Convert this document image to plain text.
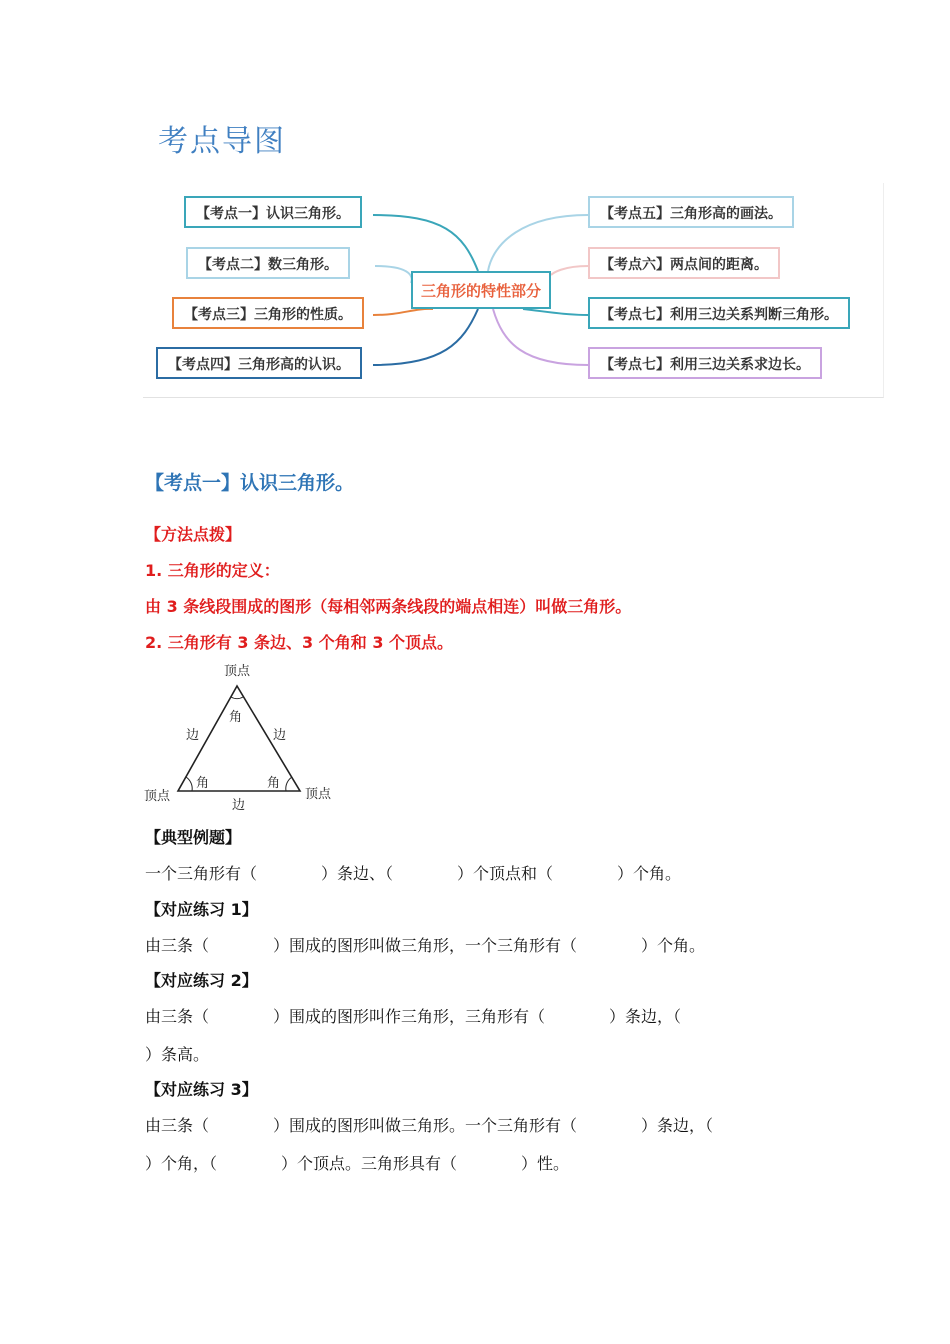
考点导图
【考点一】认识三角形。
【考点二】数三角形。
【考点三】三角形的性质。
【考点四】三角形高的认识。
三角形的特性部分
【考点五】三角形高的画法。
【考点六】两点间的距离。
【考点七】利用三边关系判断三角形。
【考点七】利用三边关系求边长。
【考点一】认识三角形。
【方法点拨】
1. 三角形的定义：
由 3 条线段围成的图形（每相邻两条线段的端点相连）叫做三角形。
2. 三角形有 3 条边、3 个角和 3 个顶点。
顶点
角
边	边
角	角
顶点	顶点
边
【典型例题】
一个三角形有（　　　　）条边、（　　　　）个顶点和（　　　　）个角。
【对应练习 1】
由三条（　　　　）围成的图形叫做三角形，一个三角形有（　　　　）个角。
【对应练习 2】
由三条（　　　　）围成的图形叫作三角形，三角形有（　　　　）条边，（
）条高。
【对应练习 3】
由三条（　　　　）围成的图形叫做三角形。一个三角形有（　　　　）条边，（
）个角，（　　　　）个顶点。三角形具有（　　　　）性。
